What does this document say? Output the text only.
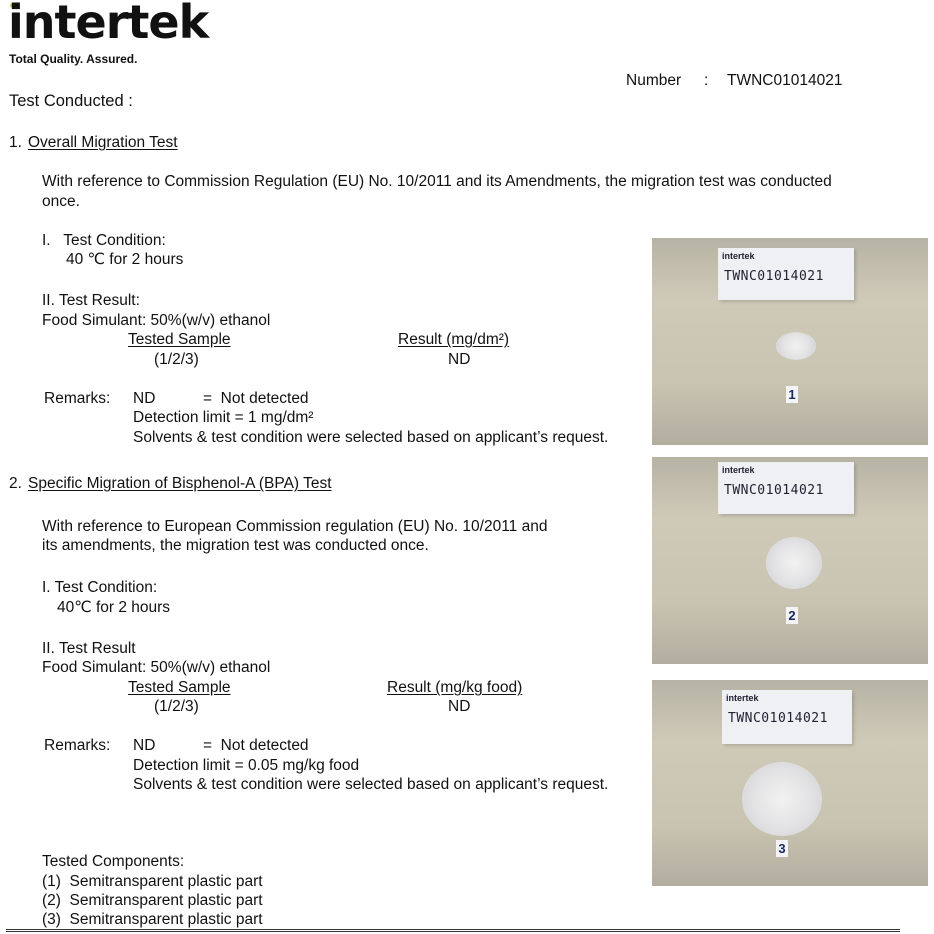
intertek
Total Quality. Assured.
Number : TWNC01014021
Test Conducted :
1. Overall Migration Test
With reference to Commission Regulation (EU) No. 10/2011 and its Amendments, the migration test was conducted
once.
I.   Test Condition:
40 ℃ for 2 hours
II. Test Result:
Food Simulant: 50%(w/v) ethanol
Tested Sample	Result (mg/dm²)
(1/2/3)	ND
Remarks: ND	=  Not detected
Detection limit = 1 mg/dm²
Solvents & test condition were selected based on applicant’s request.
2. Specific Migration of Bisphenol-A (BPA) Test
With reference to European Commission regulation (EU) No. 10/2011 and
its amendments, the migration test was conducted once.
I. Test Condition:
40℃ for 2 hours
II. Test Result
Food Simulant: 50%(w/v) ethanol
Tested Sample	Result (mg/kg food)
(1/2/3)	ND
Remarks: ND	=  Not detected
Detection limit = 0.05 mg/kg food
Solvents & test condition were selected based on applicant’s request.
Tested Components:
(1)  Semitransparent plastic part
(2)  Semitransparent plastic part
(3)  Semitransparent plastic part
intertek
TWNC01014021
1
intertek
TWNC01014021
2
intertek
TWNC01014021
3
